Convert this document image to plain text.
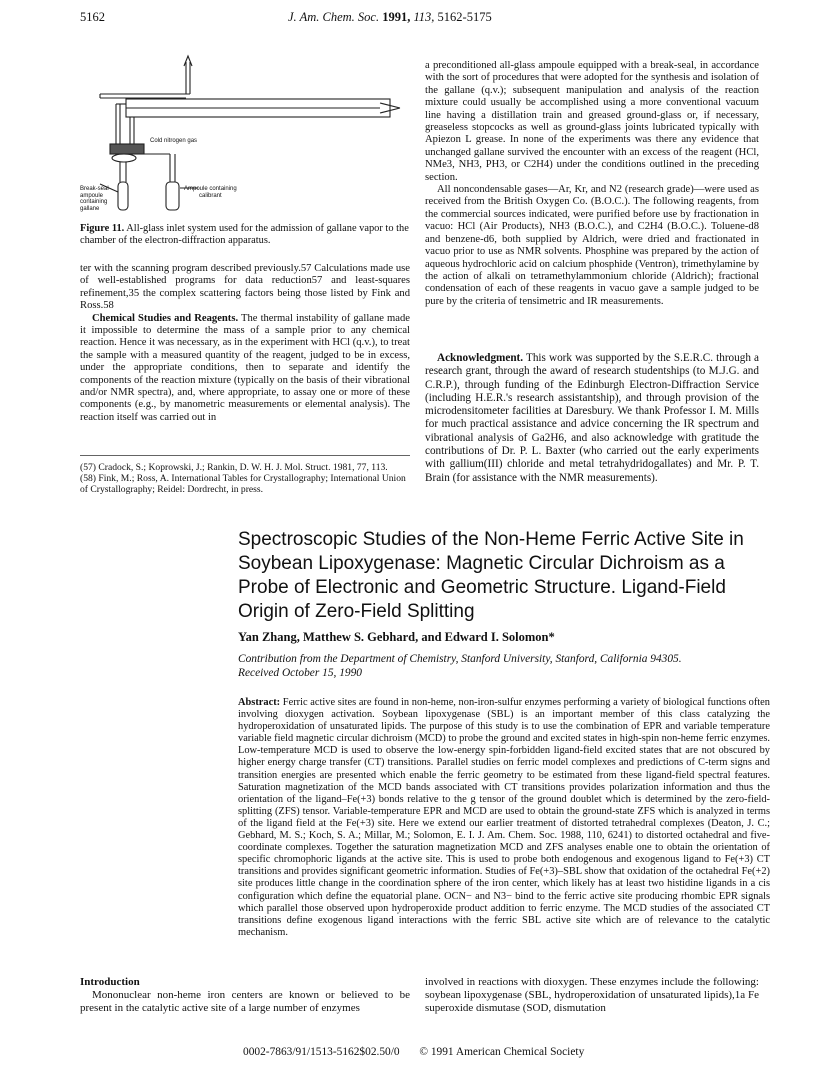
5162	J. Am. Chem. Soc. 1991, 113, 5162-5175
Cold nitrogen gas
Break-seal
ampoule
containing
gallane
Ampoule containing
calibrant
Figure 11. All-glass inlet system used for the admission of gallane vapor to the chamber of the electron-diffraction apparatus.

ter with the scanning program described previously.57 Calculations made use of well-established programs for data reduction57 and least-squares refinement,35 the complex scattering factors being those listed by Fink and Ross.58

Chemical Studies and Reagents. The thermal instability of gallane made it impossible to determine the mass of a sample prior to any chemical reaction. Hence it was necessary, as in the experiment with HCl (q.v.), to treat the sample with a measured quantity of the reagent, judged to be in excess, under the appropriate conditions, then to separate and identify the components of the reaction mixture (typically on the basis of their vibrational and/or NMR spectra), and, where appropriate, to assay one or more of these components (e.g., by manometric measurements or elemental analysis). The reaction itself was carried out in

(57) Cradock, S.; Koprowski, J.; Rankin, D. W. H. J. Mol. Struct. 1981, 77, 113.

(58) Fink, M.; Ross, A. International Tables for Crystallography; International Union of Crystallography; Reidel: Dordrecht, in press.

a preconditioned all-glass ampoule equipped with a break-seal, in accordance with the sort of procedures that were adopted for the synthesis and isolation of the gallane (q.v.); subsequent manipulation and analysis of the reaction mixture could usually be accomplished using a more conventional vacuum line having a distillation train and greased ground-glass or, if necessary, greaseless stopcocks as well as ground-glass joints lubricated typically with Apiezon L grease. In none of the experiments was there any evidence that unchanged gallane survived the encounter with an excess of the reagent (HCl, NMe3, NH3, PH3, or C2H4) under the conditions outlined in the preceding section.

All noncondensable gases—Ar, Kr, and N2 (research grade)—were used as received from the British Oxygen Co. (B.O.C.). The following reagents, from the commercial sources indicated, were purified before use by fractionation in vacuo: HCl (Air Products), NH3 (B.O.C.), and C2H4 (B.O.C.). Toluene-d8 and benzene-d6, both supplied by Aldrich, were dried and fractionated in vacuo prior to use as NMR solvents. Phosphine was prepared by the action of aqueous hydrochloric acid on calcium phosphide (Ventron), trimethylamine by the action of alkali on tetramethylammonium chloride (Aldrich); fractional condensation of each of these reagents in vacuo gave a sample judged to be pure by the criteria of tensimetric and IR measurements.

Acknowledgment. This work was supported by the S.E.R.C. through a research grant, through the award of research studentships (to M.J.G. and C.R.P.), through funding of the Edinburgh Electron-Diffraction Service (including H.E.R.'s research assistantship), and through provision of the microdensitometer facilities at Daresbury. We thank Professor I. M. Mills for much practical assistance and advice concerning the IR spectrum and vibrational analysis of Ga2H6, and also acknowledge with gratitude the contributions of Dr. P. L. Baxter (who carried out the early experiments with gallium(III) chloride and metal tetrahydridogallates) and Mr. P. T. Brain (for assistance with the NMR measurements).

Spectroscopic Studies of the Non-Heme Ferric Active Site in
Soybean Lipoxygenase: Magnetic Circular Dichroism as a
Probe of Electronic and Geometric Structure. Ligand-Field
Origin of Zero-Field Splitting
Yan Zhang, Matthew S. Gebhard, and Edward I. Solomon*
Contribution from the Department of Chemistry, Stanford University, Stanford, California 94305.
Received October 15, 1990
Abstract: Ferric active sites are found in non-heme, non-iron-sulfur enzymes performing a variety of biological functions often involving dioxygen activation. Soybean lipoxygenase (SBL) is an important member of this class catalyzing the hydroperoxidation of unsaturated lipids. The purpose of this study is to use the combination of EPR and variable temperature variable field magnetic circular dichroism (MCD) to probe the ground and excited states in high-spin non-heme ferric enzymes. Low-temperature MCD is used to observe the low-energy spin-forbidden ligand-field excited states that are not obscured by higher energy charge transfer (CT) transitions. Parallel studies on ferric model complexes and predictions of C-term signs and transition energies are presented which enable the ferric geometry to be estimated from these ligand-field spectral features. Saturation magnetization of the MCD bands associated with CT transitions provides polarization information and thus the orientation of the ligand–Fe(+3) bonds relative to the g tensor of the ground doublet which is determined by the zero-field-splitting (ZFS) tensor. Variable-temperature EPR and MCD are used to obtain the ground-state ZFS which is analyzed in terms of the ligand field at the Fe(+3) site. Here we extend our earlier treatment of distorted tetrahedral complexes (Deaton, J. C.; Gebhard, M. S.; Koch, S. A.; Millar, M.; Solomon, E. I. J. Am. Chem. Soc. 1988, 110, 6241) to distorted octahedral and five-coordinate complexes. Together the saturation magnetization MCD and ZFS analyses enable one to obtain the orientation of specific chromophoric ligands at the active site. This is used to probe both endogenous and exogenous ligand to Fe(+3) CT transitions and provides significant geometric information. Studies of Fe(+3)–SBL show that oxidation of the octahedral Fe(+2) site produces little change in the coordination sphere of the iron center, which likely has at least two histidine ligands in a cis configuration which define the equatorial plane. OCN− and N3− bind to the ferric active site producing rhombic EPR signals which parallel those observed upon hydroperoxide product addition to ferric enzyme. The MCD studies of the associated CT transitions define exogenous ligand interactions with the ferric SBL active site which are of relevance to the catalytic mechanism.
Introduction

Mononuclear non-heme iron centers are known or believed to be present in the catalytic active site of a large number of enzymes

involved in reactions with dioxygen. These enzymes include the following: soybean lipoxygenase (SBL, hydroperoxidation of unsaturated lipids),1a Fe superoxide dismutase (SOD, dismutation

0002-7863/91/1513-5162$02.50/0 © 1991 American Chemical Society
